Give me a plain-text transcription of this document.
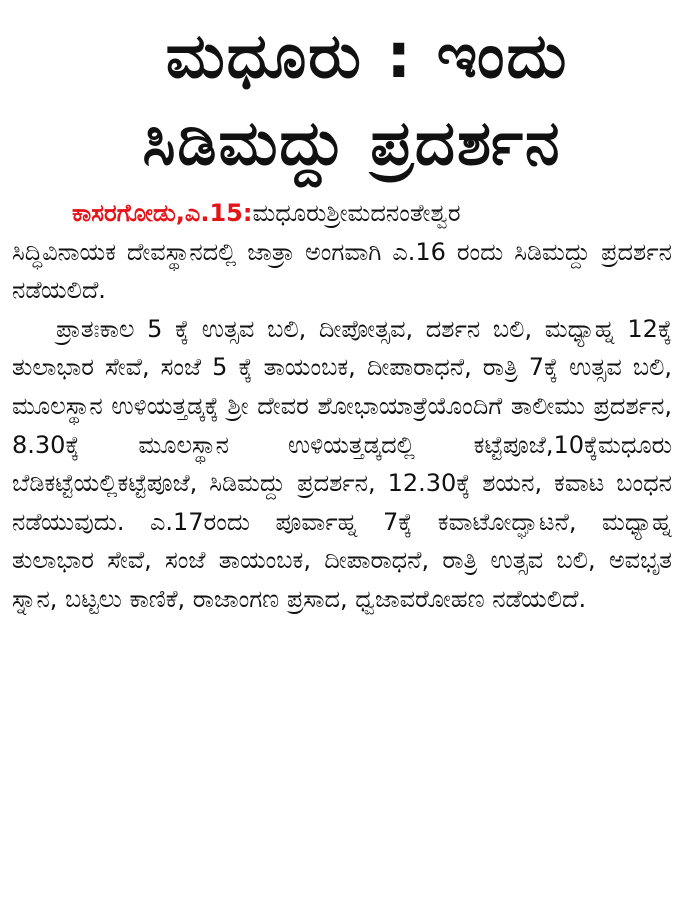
ಮಧೂರು : ಇಂದು
ಸಿಡಿಮದ್ದು ಪ್ರದರ್ಶನ

ಕಾಸರಗೋಡು,ಎ.15:ಮಧೂರುಶ್ರೀಮದನಂತೇಶ್ವರ

ಸಿದ್ಧಿವಿನಾಯಕ ದೇವಸ್ಥಾನದಲ್ಲಿ ಜಾತ್ರಾ ಅಂಗವಾಗಿ ಎ.16 ರಂದು ಸಿಡಿಮದ್ದು ಪ್ರದರ್ಶನ ನಡೆಯಲಿದೆ.

ಪ್ರಾತಃಕಾಲ 5 ಕ್ಕೆ ಉತ್ಸವ ಬಲಿ, ದೀಪೋತ್ಸವ, ದರ್ಶನ ಬಲಿ, ಮಧ್ಯಾಹ್ನ 12ಕ್ಕೆ ತುಲಾಭಾರ ಸೇವೆ, ಸಂಜೆ 5 ಕ್ಕೆ ತಾಯಂಬಕ, ದೀಪಾರಾಧನೆ, ರಾತ್ರಿ 7ಕ್ಕೆ ಉತ್ಸವ ಬಲಿ, ಮೂಲಸ್ಥಾನ ಉಳಿಯತ್ತಡ್ಕಕ್ಕೆ ಶ್ರೀ ದೇವರ ಶೋಭಾಯಾತ್ರೆಯೊಂದಿಗೆ ತಾಲೀಮು ಪ್ರದರ್ಶನ, 8.30ಕ್ಕೆ ಮೂಲಸ್ಥಾನ ಉಳಿಯತ್ತಡ್ಕದಲ್ಲಿ ಕಟ್ಟೆಪೂಜೆ,10ಕ್ಕೆಮಧೂರು ಬೆಡಿಕಟ್ಟೆಯಲ್ಲಿಕಟ್ಟೆಪೂಜೆ, ಸಿಡಿಮದ್ದು ಪ್ರದರ್ಶನ, 12.30ಕ್ಕೆ ಶಯನ, ಕವಾಟ ಬಂಧನ ನಡೆಯುವುದು. ಎ.17ರಂದು ಪೂರ್ವಾಹ್ನ 7ಕ್ಕೆ ಕವಾಟೋದ್ಘಾಟನೆ, ಮಧ್ಯಾಹ್ನ ತುಲಾಭಾರ ಸೇವೆ, ಸಂಜೆ ತಾಯಂಬಕ, ದೀಪಾರಾಧನೆ, ರಾತ್ರಿ ಉತ್ಸವ ಬಲಿ, ಅವಭೃತ ಸ್ನಾನ, ಬಟ್ಟಲು ಕಾಣಿಕೆ, ರಾಜಾಂಗಣ ಪ್ರಸಾದ, ಧ್ವಜಾವರೋಹಣ ನಡೆಯಲಿದೆ.
